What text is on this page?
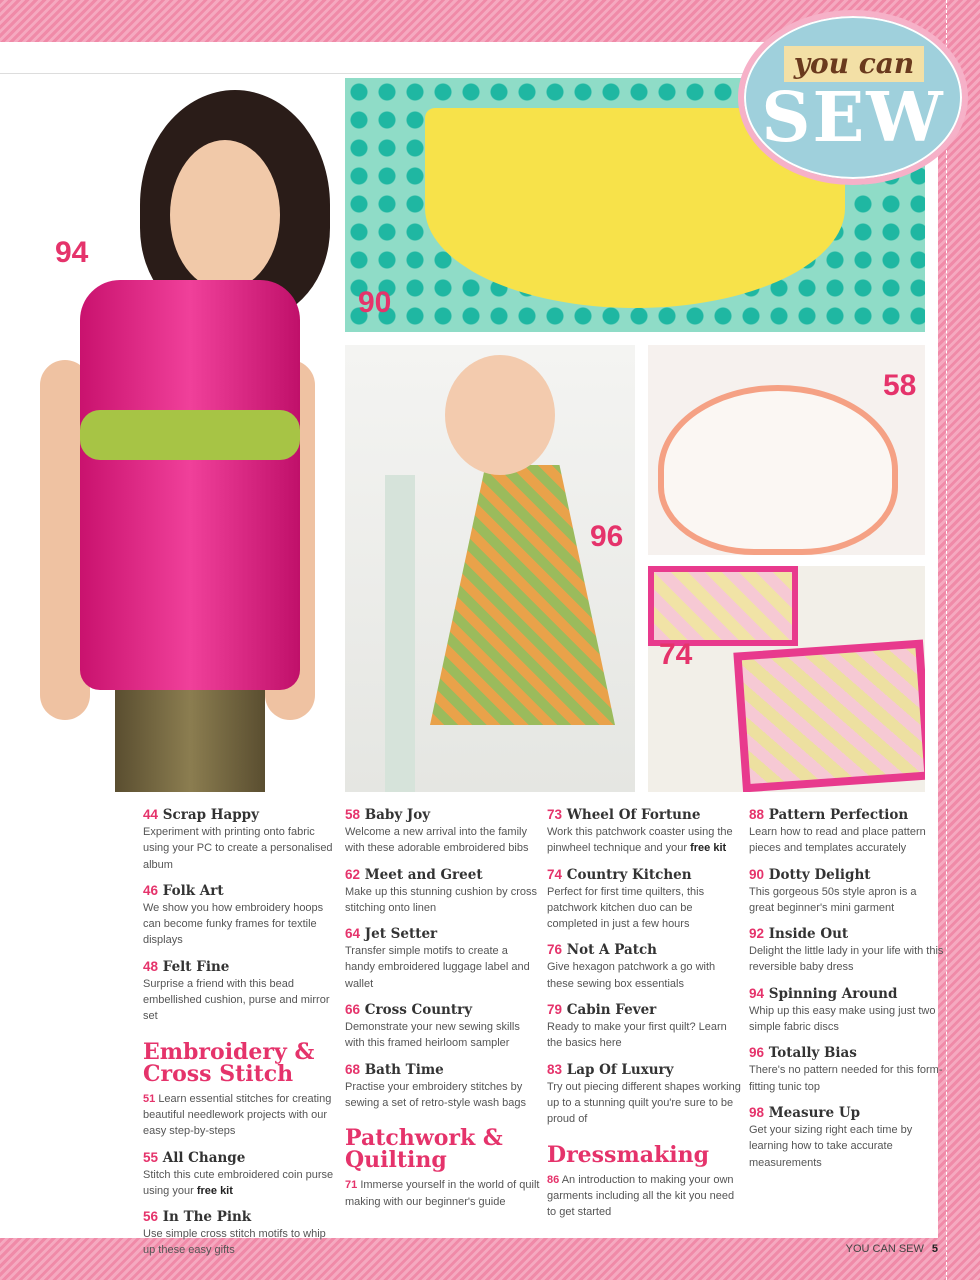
94
90
96
58
74
you can
SEW
44 Scrap Happy

Experiment with printing onto fabric using your PC to create a personalised album

46 Folk Art

We show you how embroidery hoops can become funky frames for textile displays

48 Felt Fine

Surprise a friend with this bead embellished cushion, purse and mirror set

Embroidery & Cross Stitch

51 Learn essential stitches for creating beautiful needlework projects with our easy step-by-steps

55 All Change

Stitch this cute embroidered coin purse using your free kit

56 In The Pink

Use simple cross stitch motifs to whip up these easy gifts

58 Baby Joy

Welcome a new arrival into the family with these adorable embroidered bibs

62 Meet and Greet

Make up this stunning cushion by cross stitching onto linen

64 Jet Setter

Transfer simple motifs to create a handy embroidered luggage label and wallet

66 Cross Country

Demonstrate your new sewing skills with this framed heirloom sampler

68 Bath Time

Practise your embroidery stitches by sewing a set of retro-style wash bags

Patchwork & Quilting

71 Immerse yourself in the world of quilt making with our beginner's guide

73 Wheel Of Fortune

Work this patchwork coaster using the pinwheel technique and your free kit

74 Country Kitchen

Perfect for first time quilters, this patchwork kitchen duo can be completed in just a few hours

76 Not A Patch

Give hexagon patchwork a go with these sewing box essentials

79 Cabin Fever

Ready to make your first quilt? Learn the basics here

83 Lap Of Luxury

Try out piecing different shapes working up to a stunning quilt you're sure to be proud of

Dressmaking

86 An introduction to making your own garments including all the kit you need to get started

88 Pattern Perfection

Learn how to read and place pattern pieces and templates accurately

90 Dotty Delight

This gorgeous 50s style apron is a great beginner's mini garment

92 Inside Out

Delight the little lady in your life with this reversible baby dress

94 Spinning Around

Whip up this easy make using just two simple fabric discs

96 Totally Bias

There's no pattern needed for this form-fitting tunic top

98 Measure Up

Get your sizing right each time by learning how to take accurate measurements

YOU CAN SEW 5
